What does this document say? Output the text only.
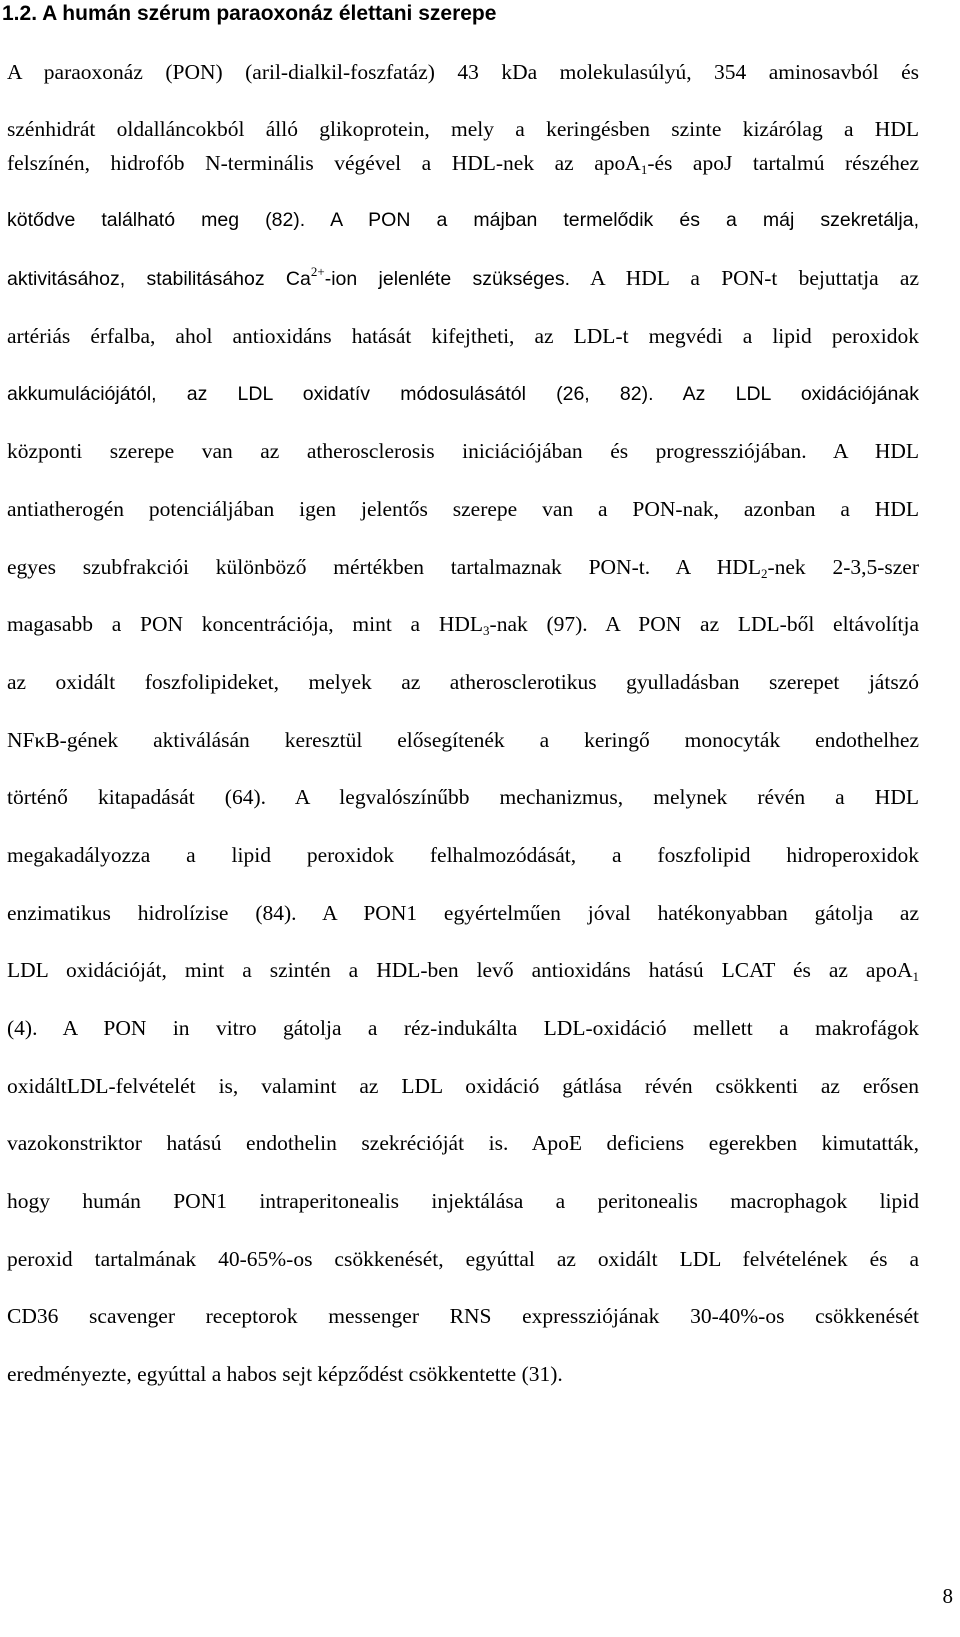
1.2. A humán szérum paraoxonáz élettani szerepe
A paraoxonáz (PON) (aril-dialkil-foszfatáz) 43 kDa molekulasúlyú, 354 aminosavból és
szénhidrát oldalláncokból álló glikoprotein, mely a keringésben szinte kizárólag a HDL
felszínén, hidrofób N-terminális végével a HDL-nek az apoA$_1$-és apoJ tartalmú részéhez
kötődve található meg (82). A PON a májban termelődik és a máj szekretálja,
aktivitásához, stabilitásához $Ca^{2+}$-ion jelenléte szükséges. A HDL a PON-t bejuttatja az
artériás érfalba, ahol antioxidáns hatását kifejtheti, az LDL-t megvédi a lipid peroxidok
akkumulációjától, az LDL oxidatív módosulásától (26, 82). Az LDL oxidációjának
központi szerepe van az atherosclerosis iniciációjában és progressziójában. A HDL
antiatherogén potenciáljában igen jelentős szerepe van a PON-nak, azonban a HDL
egyes szubfrakciói különböző mértékben tartalmaznak PON-t. A $HDL_2$-nek 2-3,5-szer
magasabb a PON koncentrációja, mint a $HDL_3$-nak (97). A PON az LDL-ből eltávolítja
az oxidált foszfolipideket, melyek az atherosclerotikus gyulladásban szerepet játszó
NFκB-gének aktiválásán keresztül elősegítenék a keringő monocyták endothelhez
történő kitapadását (64). A legvalószínűbb mechanizmus, melynek révén a HDL
megakadályozza a lipid peroxidok felhalmozódását, a foszfolipid hidroperoxidok
enzimatikus hidrolízise (84). A PON1 egyértelműen jóval hatékonyabban gátolja az
LDL oxidációját, mint a szintén a HDL-ben levő antioxidáns hatású LCAT és az apoA$_1$
(4). A PON in vitro gátolja a réz-indukálta LDL-oxidáció mellett a makrofágok
oxidáltLDL-felvételét is, valamint az LDL oxidáció gátlása révén csökkenti az erősen
vazokonstriktor hatású endothelin szekrécióját is. ApoE deficiens egerekben kimutatták,
hogy humán PON1 intraperitonealis injektálása a peritonealis macrophagok lipid
peroxid tartalmának 40-65%-os csökkenését, egyúttal az oxidált LDL felvételének és a
CD36 scavenger receptorok messenger RNS expressziójának 30-40%-os csökkenését
eredményezte, egyúttal a habos sejt képződést csökkentette (31).
8
